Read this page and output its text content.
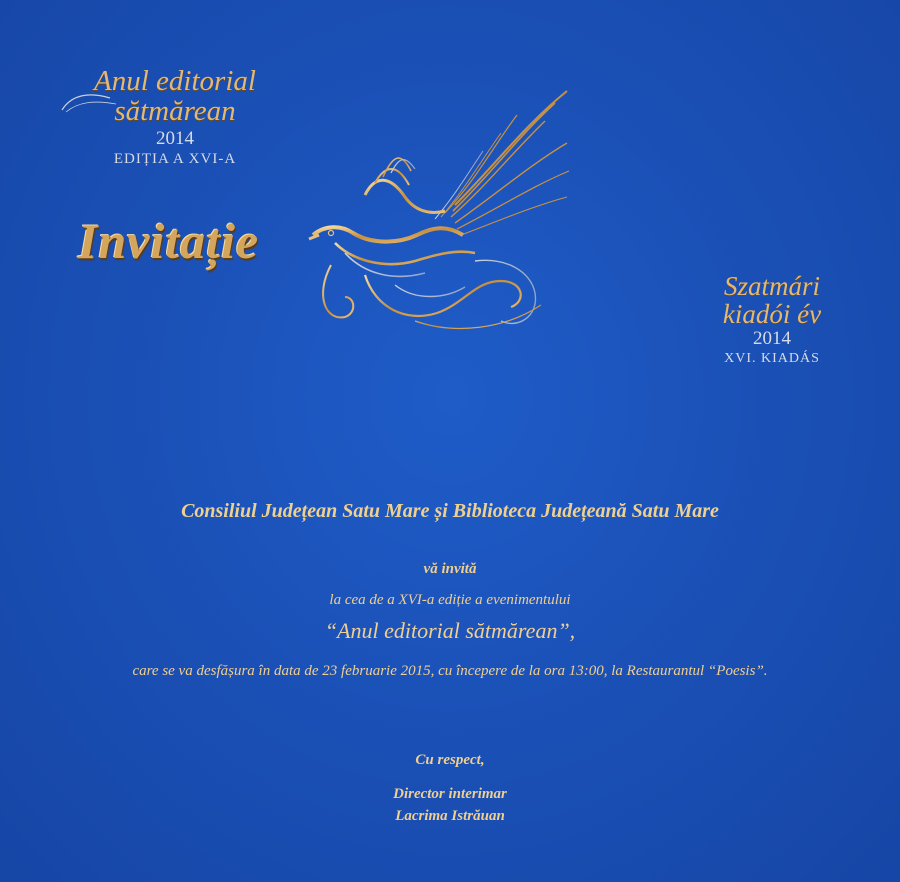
Anul editorial
sătmărean
2014
EDIȚIA A XVI-A
Invitație
Szatmári
kiadói év
2014
XVI. KIADÁS
Consiliul Județean Satu Mare și Biblioteca Județeană Satu Mare
vă invită
la cea de a XVI-a ediție a evenimentului
“Anul editorial sătmărean”,
care se va desfășura în data de 23 februarie 2015, cu începere de la ora 13:00, la Restaurantul “Poesis”.
Cu respect,
Director interimar
Lacrima Istrăuan
